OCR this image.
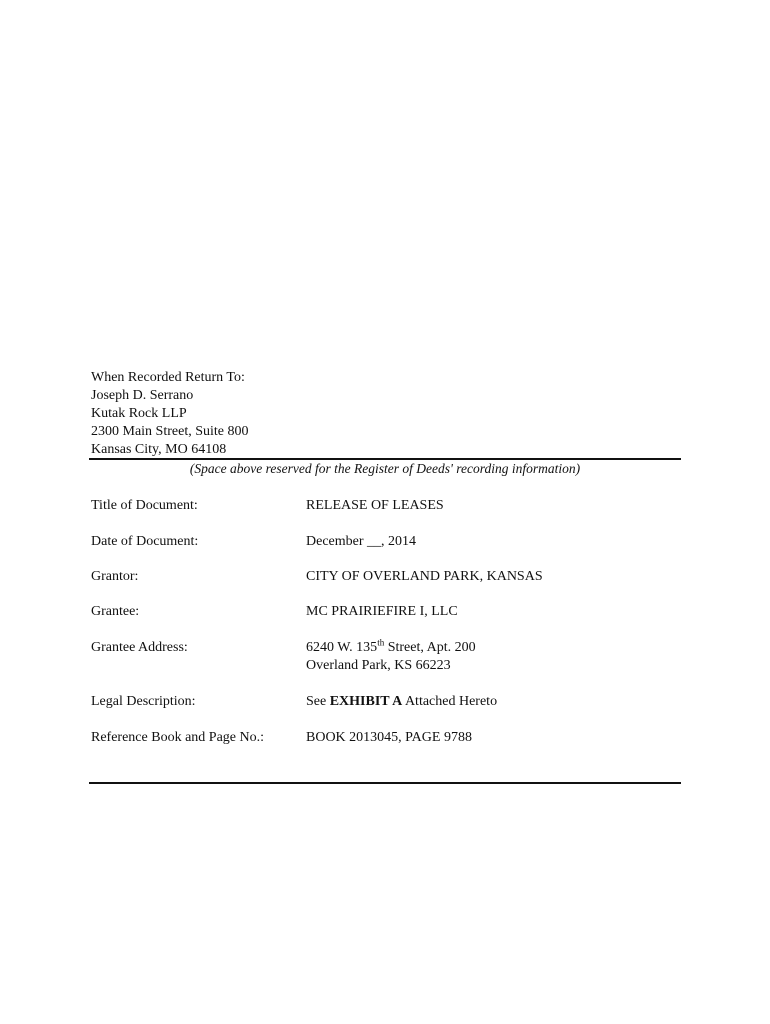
When Recorded Return To:
Joseph D. Serrano
Kutak Rock LLP
2300 Main Street, Suite 800
Kansas City, MO 64108
(Space above reserved for the Register of Deeds' recording information)
Title of Document:	RELEASE OF LEASES
Date of Document:	December __, 2014
Grantor:	CITY OF OVERLAND PARK, KANSAS
Grantee:	MC PRAIRIEFIRE I, LLC
Grantee Address:	6240 W. 135th Street, Apt. 200
Overland Park, KS 66223
Legal Description:	See EXHIBIT A Attached Hereto
Reference Book and Page No.:	BOOK 2013045, PAGE 9788
